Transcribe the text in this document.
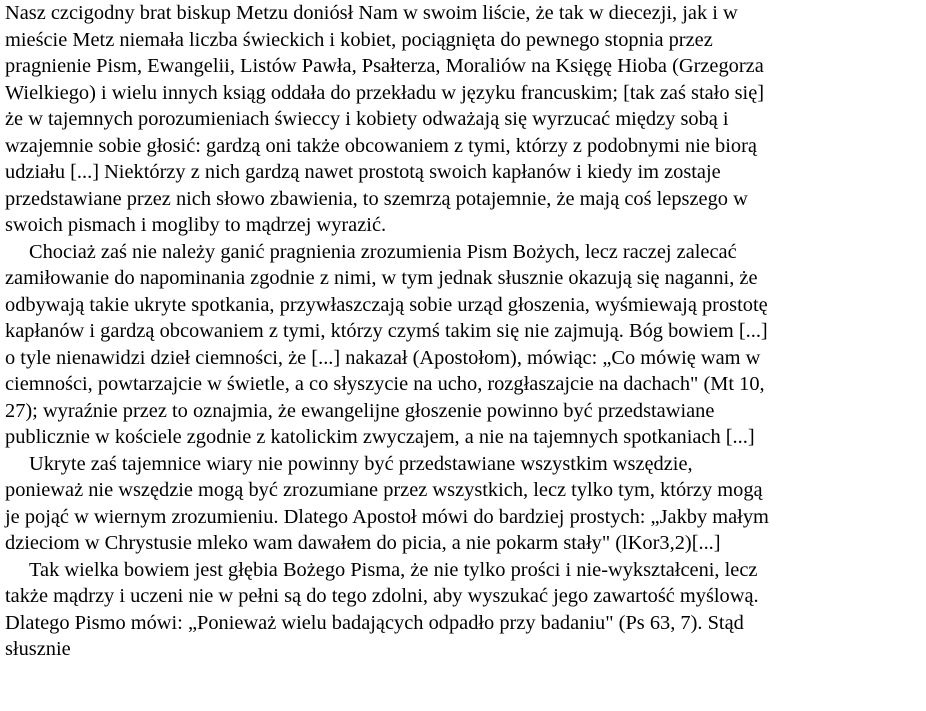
Nasz czcigodny brat biskup Metzu doniósł Nam w swoim liście, że tak w diecezji, jak i w
mieście Metz niemała liczba świeckich i kobiet, pociągnięta do pewnego stopnia przez
pragnienie Pism, Ewangelii, Listów Pawła, Psałterza, Moraliów na Księgę Hioba (Grzegorza
Wielkiego) i wielu innych ksiąg oddała do przekładu w języku francuskim; [tak zaś stało się]
że w tajemnych porozumieniach świeccy i kobiety odważają się wyrzucać między sobą i
wzajemnie sobie głosić: gardzą oni także obcowaniem z tymi, którzy z podobnymi nie biorą
udziału [...] Niektórzy z nich gardzą nawet prostotą swoich kapłanów i kiedy im zostaje
przedstawiane przez nich słowo zbawienia, to szemrzą potajemnie, że mają coś lepszego w
swoich pismach i mogliby to mądrzej wyrazić.
Chociaż zaś nie należy ganić pragnienia zrozumienia Pism Bożych, lecz raczej zalecać
zamiłowanie do napominania zgodnie z nimi, w tym jednak słusznie okazują się naganni, że
odbywają takie ukryte spotkania, przywłaszczają sobie urząd głoszenia, wyśmiewają prostotę
kapłanów i gardzą obcowaniem z tymi, którzy czymś takim się nie zajmują. Bóg bowiem [...]
o tyle nienawidzi dzieł ciemności, że [...] nakazał (Apostołom), mówiąc: „Co mówię wam w
ciemności, powtarzajcie w świetle, a co słyszycie na ucho, rozgłaszajcie na dachach" (Mt 10,
27); wyraźnie przez to oznajmia, że ewangelijne głoszenie powinno być przedstawiane
publicznie w kościele zgodnie z katolickim zwyczajem, a nie na tajemnych spotkaniach [...]
Ukryte zaś tajemnice wiary nie powinny być przedstawiane wszystkim wszędzie,
ponieważ nie wszędzie mogą być zrozumiane przez wszystkich, lecz tylko tym, którzy mogą
je pojąć w wiernym zrozumieniu. Dlatego Apostoł mówi do bardziej prostych: „Jakby małym
dzieciom w Chrystusie mleko wam dawałem do picia, a nie pokarm stały" (lKor3,2)[...]
Tak wielka bowiem jest głębia Bożego Pisma, że nie tylko prości i nie-wykształceni, lecz
także mądrzy i uczeni nie w pełni są do tego zdolni, aby wyszukać jego zawartość myślową.
Dlatego Pismo mówi: „Ponieważ wielu badających odpadło przy badaniu" (Ps 63, 7). Stąd
słusznie
